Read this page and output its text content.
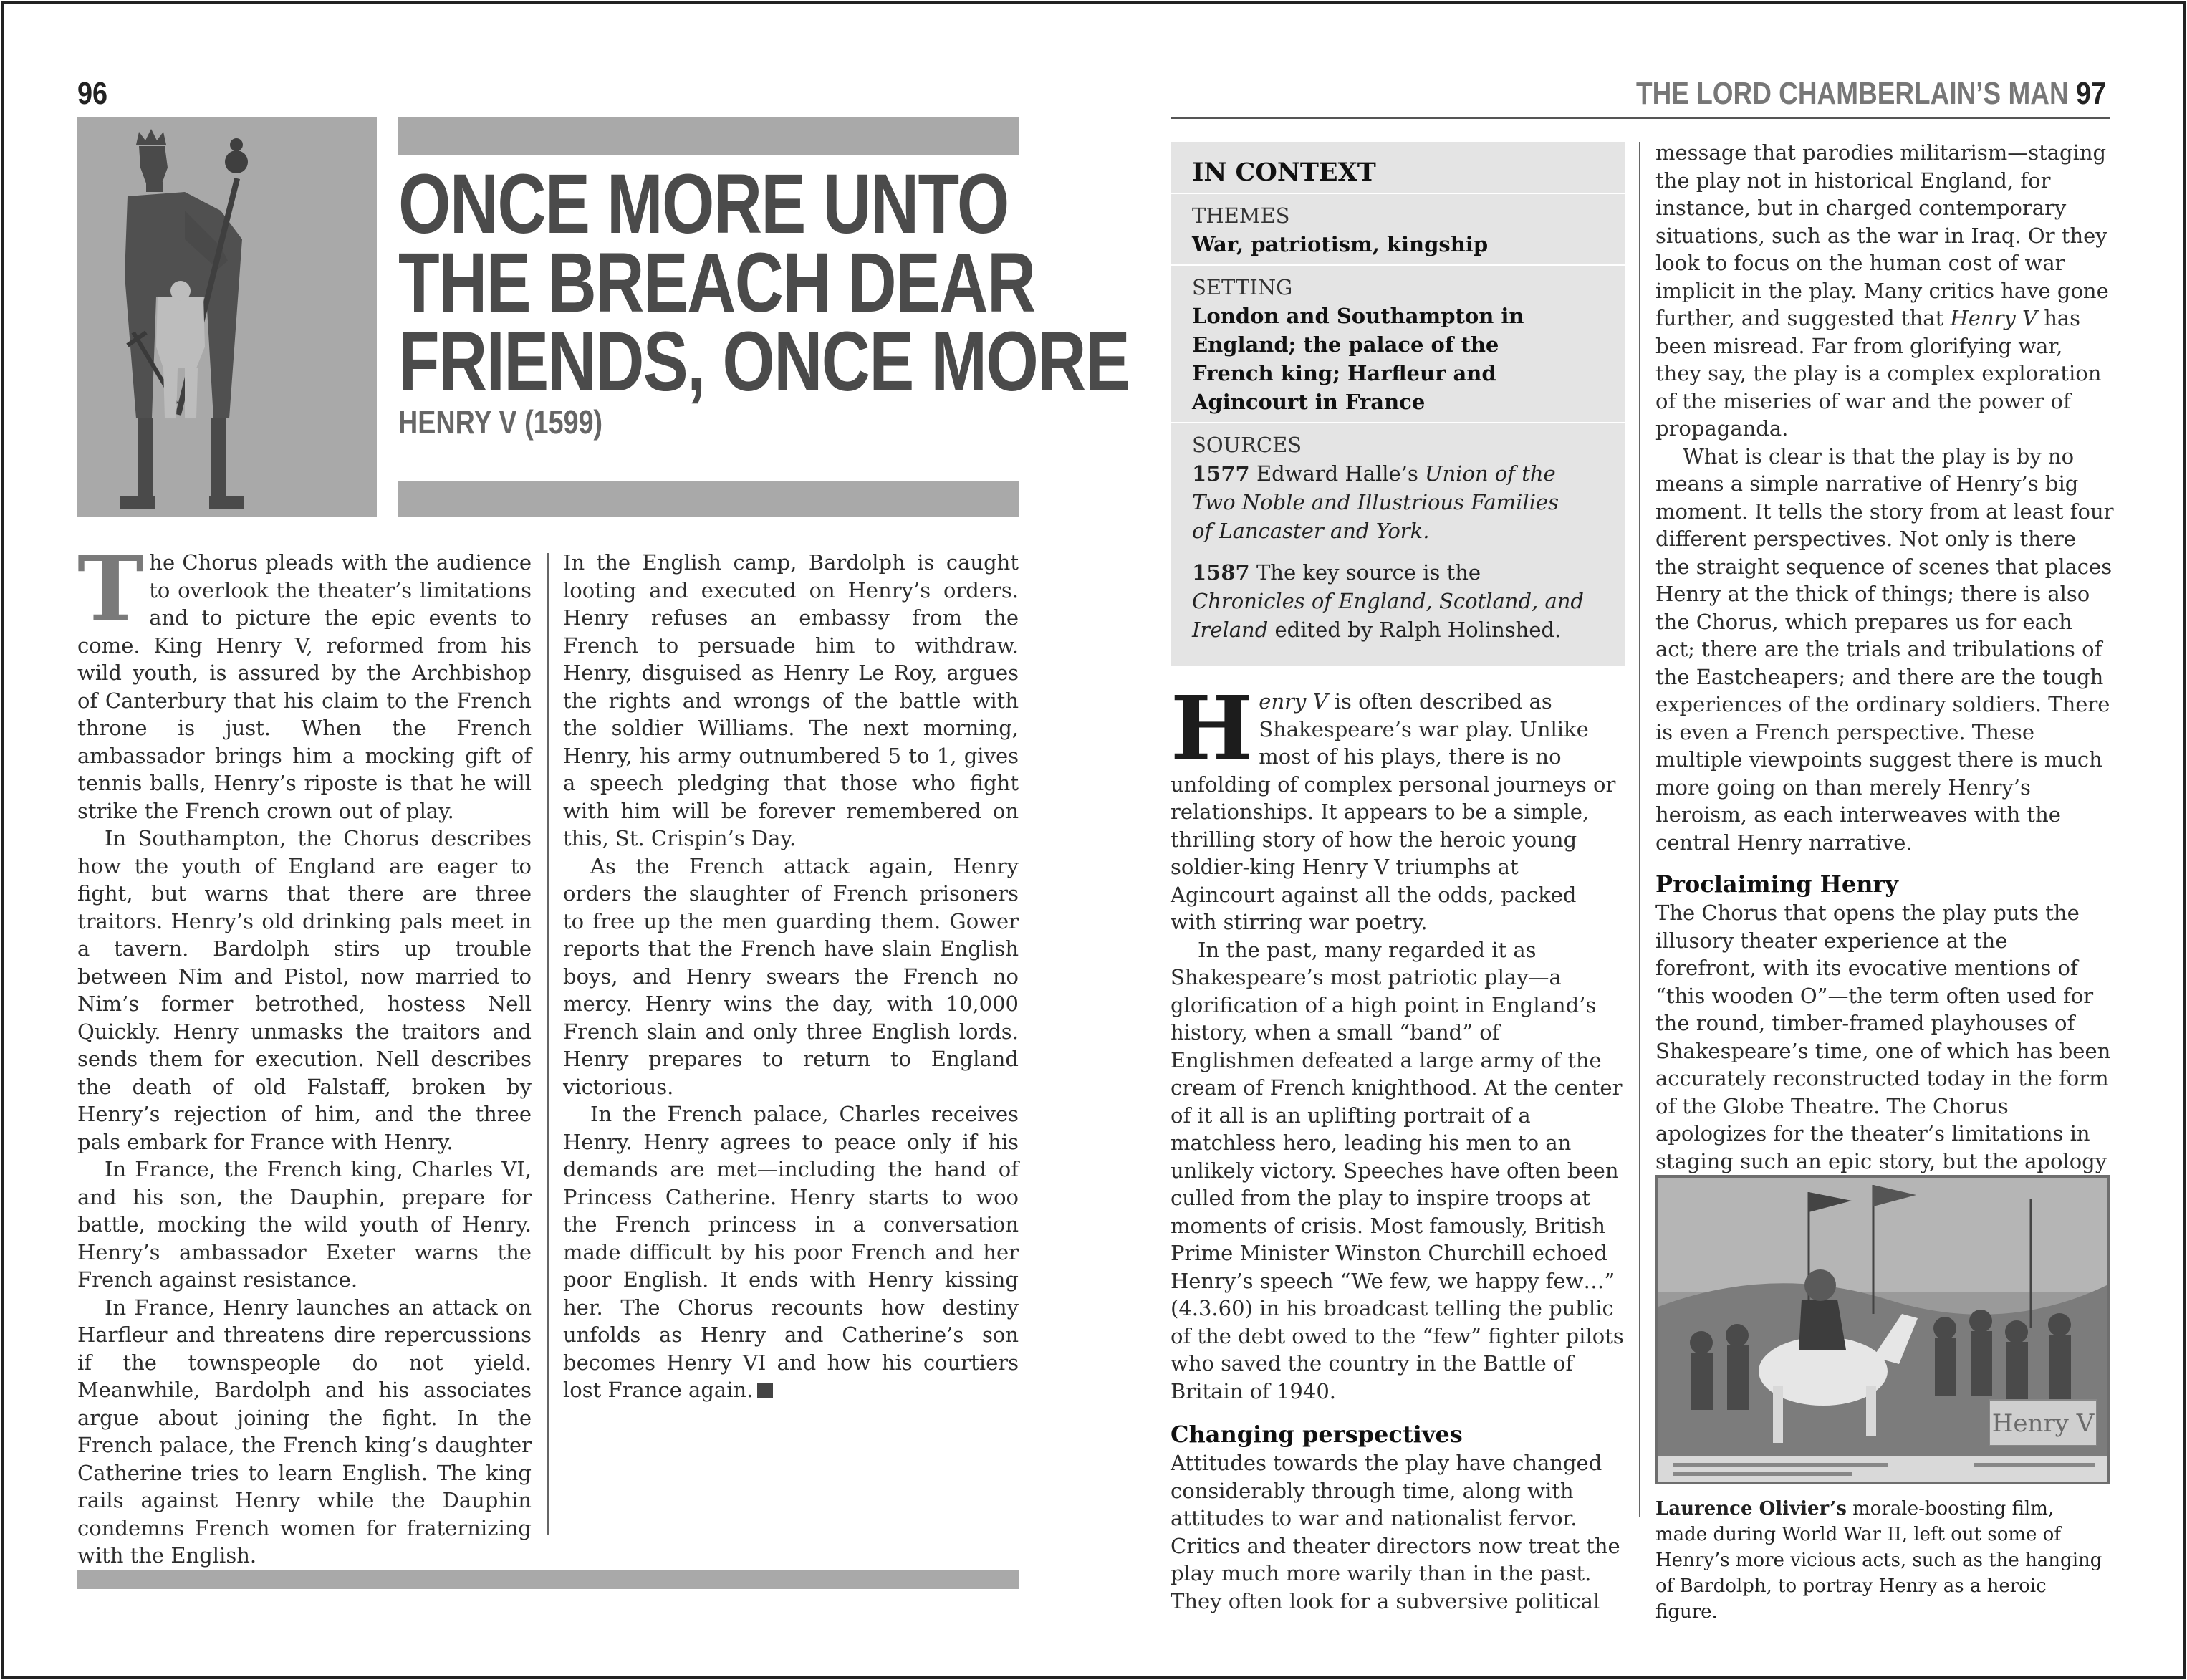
96
ONCE MORE UNTO
THE BREACH DEAR
FRIENDS, ONCE MORE
HENRY V (1599)

The Chorus pleads with the audience to overlook the theater’s limitations and to picture the epic events to come. King Henry V, reformed from his wild youth, is assured by the Archbishop of Canterbury that his claim to the French throne is just. When the French ambassador brings him a mocking gift of tennis balls, Henry’s riposte is that he will strike the French crown out of play.

In Southampton, the Chorus describes how the youth of England are eager to fight, but warns that there are three traitors. Henry’s old drinking pals meet in a tavern. Bardolph stirs up trouble between Nim and Pistol, now married to Nim’s former betrothed, hostess Nell Quickly. Henry unmasks the traitors and sends them for execution. Nell describes the death of old Falstaff, broken by Henry’s rejection of him, and the three pals embark for France with Henry.

In France, the French king, Charles VI, and his son, the Dauphin, prepare for battle, mocking the wild youth of Henry. Henry’s ambassador Exeter warns the French against resistance.

In France, Henry launches an attack on Harfleur and threatens dire repercussions if the townspeople do not yield. Meanwhile, Bardolph and his associates argue about joining the fight. In the French palace, the French king’s daughter Catherine tries to learn English. The king rails against Henry while the Dauphin condemns French women for fraternizing with the English.

In the English camp, Bardolph is caught looting and executed on Henry’s orders. Henry refuses an embassy from the French to persuade him to withdraw. Henry, disguised as Henry Le Roy, argues the rights and wrongs of the battle with the soldier Williams. The next morning, Henry, his army outnumbered 5 to 1, gives a speech pledging that those who fight with him will be forever remembered on this, St. Crispin’s Day.

As the French attack again, Henry orders the slaughter of French prisoners to free up the men guarding them. Gower reports that the French have slain English boys, and Henry swears the French no mercy. Henry wins the day, with 10,000 French slain and only three English lords. Henry prepares to return to England victorious.

In the French palace, Charles receives Henry. Henry agrees to peace only if his demands are met—including the hand of Princess Catherine. Henry starts to woo the French princess in a conversation made difficult by his poor French and her poor English. It ends with Henry kissing her. The Chorus recounts how destiny unfolds as Henry and Catherine’s son becomes Henry VI and how his courtiers lost France again.

THE LORD CHAMBERLAIN’S MAN 97
IN CONTEXT
THEMES
War, patriotism, kingship
SETTING
London and Southampton in England; the palace of the French king; Harfleur and Agincourt in France
SOURCES
1577 Edward Halle’s Union of the Two Noble and Illustrious Families of Lancaster and York.
1587 The key source is the Chronicles of England, Scotland, and Ireland edited by Ralph Holinshed.

Henry V is often described as Shakespeare’s war play. Unlike most of his plays, there is no unfolding of complex personal journeys or relationships. It appears to be a simple, thrilling story of how the heroic young soldier-king Henry V triumphs at Agincourt against all the odds, packed with stirring war poetry.

In the past, many regarded it as Shakespeare’s most patriotic play—a glorification of a high point in England’s history, when a small “band” of Englishmen defeated a large army of the cream of French knighthood. At the center of it all is an uplifting portrait of a matchless hero, leading his men to an unlikely victory. Speeches have often been culled from the play to inspire troops at moments of crisis. Most famously, British Prime Minister Winston Churchill echoed Henry’s speech “We few, we happy few…” (4.3.60) in his broadcast telling the public of the debt owed to the “few” fighter pilots who saved the country in the Battle of Britain of 1940.

Changing perspectives

Attitudes towards the play have changed considerably through time, along with attitudes to war and nationalist fervor. Critics and theater directors now treat the play much more warily than in the past. They often look for a subversive political

message that parodies militarism—staging the play not in historical England, for instance, but in charged contemporary situations, such as the war in Iraq. Or they look to focus on the human cost of war implicit in the play. Many critics have gone further, and suggested that Henry V has been misread. Far from glorifying war, they say, the play is a complex exploration of the miseries of war and the power of propaganda.

What is clear is that the play is by no means a simple narrative of Henry’s big moment. It tells the story from at least four different perspectives. Not only is there the straight sequence of scenes that places Henry at the thick of things; there is also the Chorus, which prepares us for each act; there are the trials and tribulations of the Eastcheapers; and there are the tough experiences of the ordinary soldiers. There is even a French perspective. These multiple viewpoints suggest there is much more going on than merely Henry’s heroism, as each interweaves with the central Henry narrative.

Proclaiming Henry

The Chorus that opens the play puts the illusory theater experience at the forefront, with its evocative mentions of “this wooden O”—the term often used for the round, timber-framed playhouses of Shakespeare’s time, one of which has been accurately reconstructed today in the form of the Globe Theatre. The Chorus apologizes for the theater’s limitations in staging such an epic story, but the apology

Henry V
Laurence Olivier’s morale-boosting film, made during World War II, left out some of Henry’s more vicious acts, such as the hanging of Bardolph, to portray Henry as a heroic figure.
